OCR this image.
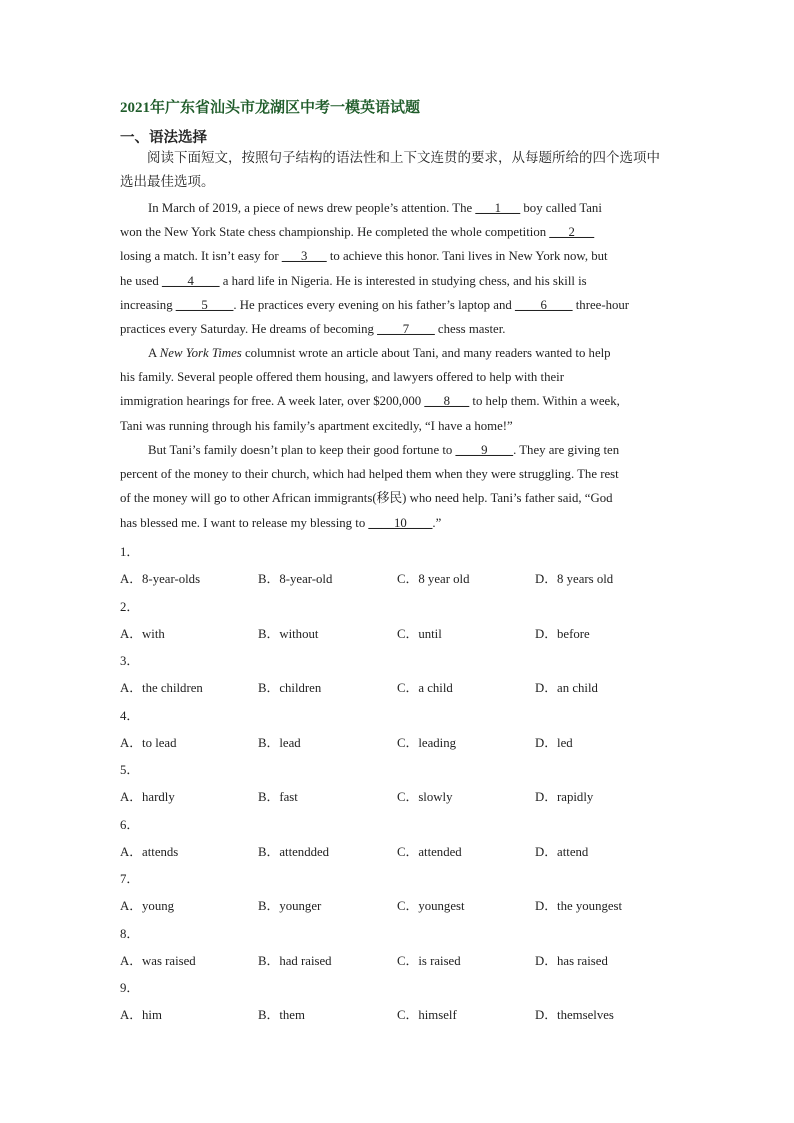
2021年广东省汕头市龙湖区中考一模英语试题
一、语法选择
阅读下面短文，按照句子结构的语法性和上下文连贯的要求，从每题所给的四个选项中
选出最佳选项。
In March of 2019, a piece of news drew people’s attention. The ___1___ boy called Tani
won the New York State chess championship. He completed the whole competition ___2___
losing a match. It isn’t easy for ___3___ to achieve this honor. Tani lives in New York now, but
he used ____4____ a hard life in Nigeria. He is interested in studying chess, and his skill is
increasing ____5____. He practices every evening on his father’s laptop and ____6____ three-hour
practices every Saturday. He dreams of becoming ____7____ chess master.
A New York Times columnist wrote an article about Tani, and many readers wanted to help
his family. Several people offered them housing, and lawyers offered to help with their
immigration hearings for free. A week later, over $200,000 ___8___ to help them. Within a week,
Tani was running through his family’s apartment excitedly, “I have a home!”
But Tani’s family doesn’t plan to keep their good fortune to ____9____. They are giving ten
percent of the money to their church, which had helped them when they were struggling. The rest
of the money will go to other African immigrants(移民) who need help. Tani’s father said, “God
has blessed me. I want to release my blessing to ____10____.”
1．
A．8-year-olds	B．8-year-old	C．8 year old	D．8 years old
2．
A．with	B．without	C．until	D．before
3．
A．the children	B．children	C．a child	D．an child
4．
A．to lead	B．lead	C．leading	D．led
5．
A．hardly	B．fast	C．slowly	D．rapidly
6．
A．attends	B．attendded	C．attended	D．attend
7．
A．young	B．younger	C．youngest	D．the youngest
8．
A．was raised	B．had raised	C．is raised	D．has raised
9．
A．him	B．them	C．himself	D．themselves
